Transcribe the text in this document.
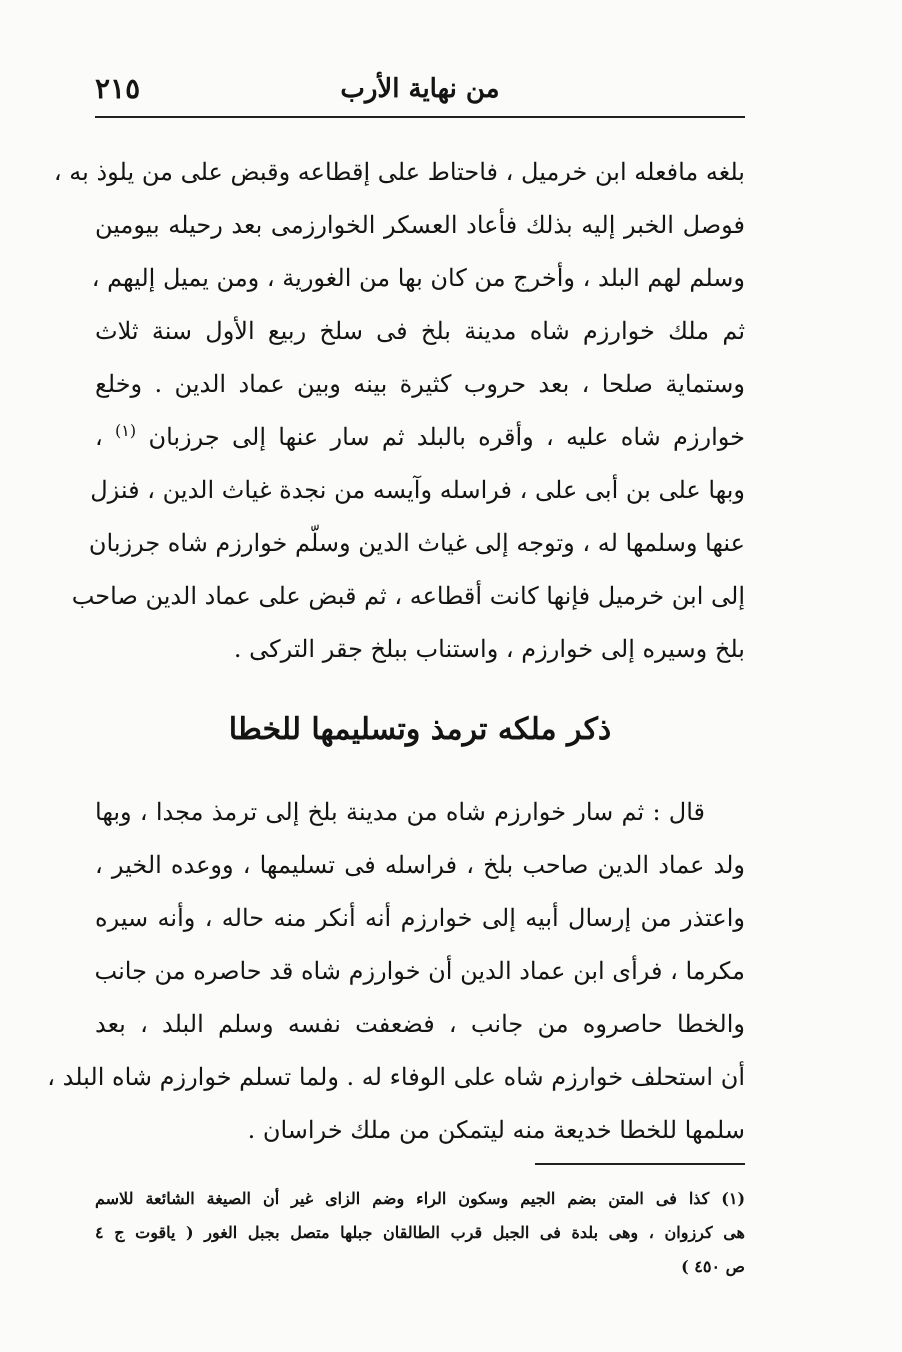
من نهاية الأرب
٢١٥
بلغه مافعله ابن خرميل ، فاحتاط على إقطاعه وقبض على من يلوذ به ،
فوصل الخبر إليه بذلك فأعاد العسكر الخوارزمى بعد رحيله بيومين
وسلم لهم البلد ، وأخرج من كان بها من الغورية ، ومن يميل إليهم ،
ثم ملك خوارزم شاه مدينة بلخ فى سلخ ربيع الأول سنة ثلاث
وستماية صلحا ، بعد حروب كثيرة بينه وبين عماد الدين . وخلع
خوارزم شاه عليه ، وأقره بالبلد ثم سار عنها إلى جرزبان $^{(١)}$ ،
وبها على بن أبى على ، فراسله وآيسه من نجدة غياث الدين ، فنزل
عنها وسلمها له ، وتوجه إلى غياث الدين وسلّم خوارزم شاه جرزبان
إلى ابن خرميل فإنها كانت أقطاعه ، ثم قبض على عماد الدين صاحب
بلخ وسيره إلى خوارزم ، واستناب ببلخ جقر التركى .
ذكر ملكه ترمذ وتسليمها للخطا
قال : ثم سار خوارزم شاه من مدينة بلخ إلى ترمذ مجدا ، وبها
ولد عماد الدين صاحب بلخ ، فراسله فى تسليمها ، ووعده الخير ،
واعتذر من إرسال أبيه إلى خوارزم أنه أنكر منه حاله ، وأنه سيره
مكرما ، فرأى ابن عماد الدين أن خوارزم شاه قد حاصره من جانب
والخطا حاصروه من جانب ، فضعفت نفسه وسلم البلد ، بعد
أن استحلف خوارزم شاه على الوفاء له . ولما تسلم خوارزم شاه البلد ،
سلمها للخطا خديعة منه ليتمكن من ملك خراسان .
(١) كذا فى المتن بضم الجيم وسكون الراء وضم الزاى غير أن الصيغة الشائعة للاسم
هى كرزوان ، وهى بلدة فى الجبل قرب الطالقان جبلها متصل بجبل الغور ( ياقوت ج ٤
ص ٤٥٠ )
